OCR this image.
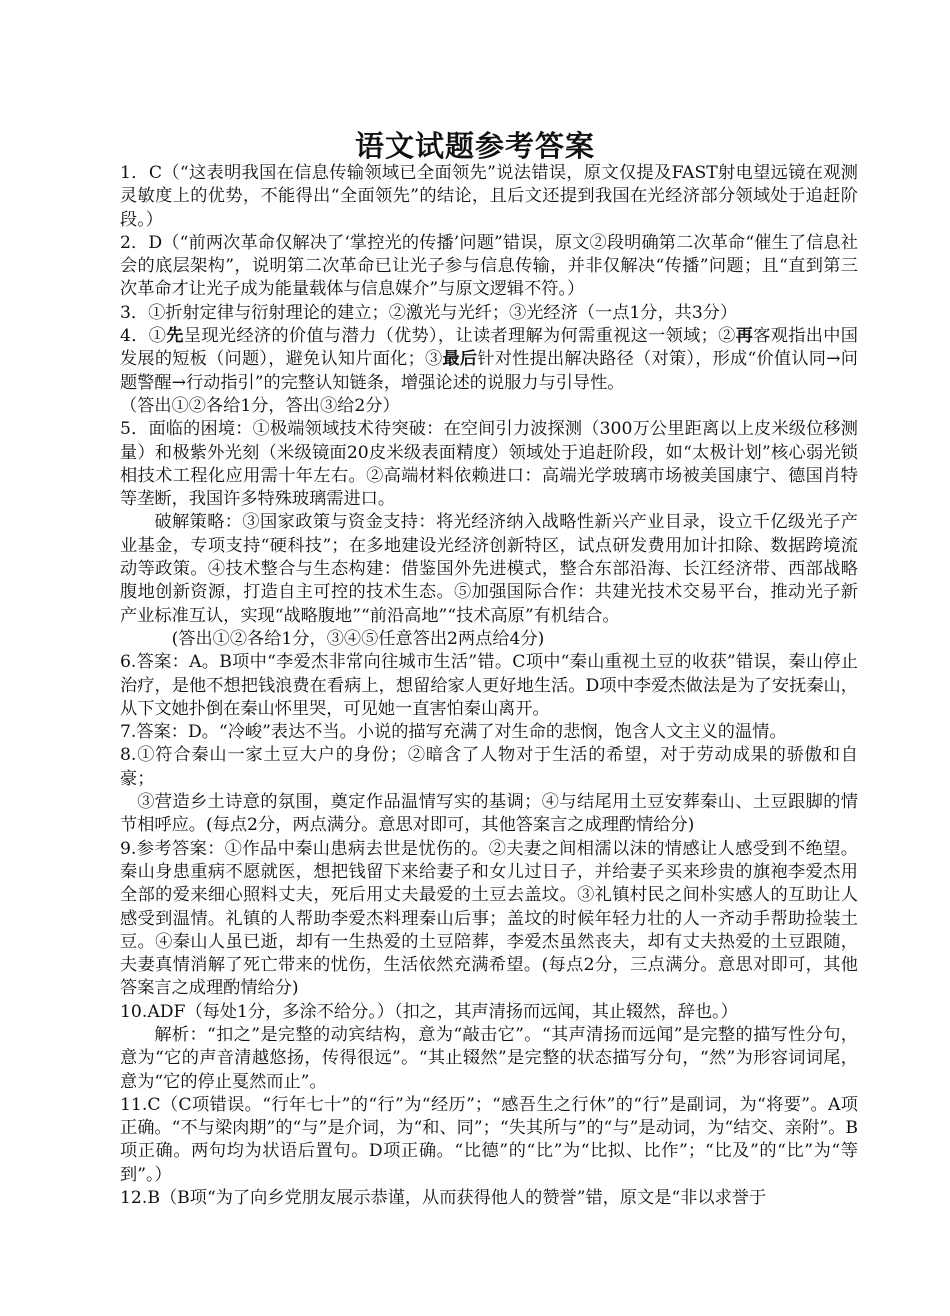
语文试题参考答案

1．C（“这表明我国在信息传输领域已全面领先”说法错误，原文仅提及FAST射电望远镜在观测灵敏度上的优势，不能得出“全面领先”的结论，且后文还提到我国在光经济部分领域处于追赶阶段。）

2．D（“前两次革命仅解决了‘掌控光的传播’问题”错误，原文②段明确第二次革命“催生了信息社会的底层架构”，说明第二次革命已让光子参与信息传输，并非仅解决“传播”问题；且“直到第三次革命才让光子成为能量载体与信息媒介”与原文逻辑不符。）

3．①折射定律与衍射理论的建立；②激光与光纤；③光经济（一点1分，共3分）

4．①先呈现光经济的价值与潜力（优势），让读者理解为何需重视这一领域；②再客观指出中国发展的短板（问题），避免认知片面化；③最后针对性提出解决路径（对策），形成“价值认同→问题警醒→行动指引”的完整认知链条，增强论述的说服力与引导性。

（答出①②各给1分，答出③给2分）

5．面临的困境：①极端领域技术待突破：在空间引力波探测（300万公里距离以上皮米级位移测量）和极紫外光刻（米级镜面20皮米级表面精度）领域处于追赶阶段，如“太极计划”核心弱光锁相技术工程化应用需十年左右。②高端材料依赖进口：高端光学玻璃市场被美国康宁、德国肖特等垄断，我国许多特殊玻璃需进口。

破解策略：③国家政策与资金支持：将光经济纳入战略性新兴产业目录，设立千亿级光子产业基金，专项支持“硬科技”；在多地建设光经济创新特区，试点研发费用加计扣除、数据跨境流动等政策。④技术整合与生态构建：借鉴国外先进模式，整合东部沿海、长江经济带、西部战略腹地创新资源，打造自主可控的技术生态。⑤加强国际合作：共建光技术交易平台，推动光子新产业标准互认，实现“战略腹地”“前沿高地”“技术高原”有机结合。

(答出①②各给1分，③④⑤任意答出2两点给4分)

6.答案：A。B项中“李爱杰非常向往城市生活”错。C项中“秦山重视土豆的收获”错误，秦山停止治疗，是他不想把钱浪费在看病上，想留给家人更好地生活。D项中李爱杰做法是为了安抚秦山，从下文她扑倒在秦山怀里哭，可见她一直害怕秦山离开。

7.答案：D。“冷峻”表达不当。小说的描写充满了对生命的悲悯，饱含人文主义的温情。

8.①符合秦山一家土豆大户的身份；②暗含了人物对于生活的希望，对于劳动成果的骄傲和自豪；

③营造乡土诗意的氛围，奠定作品温情写实的基调；④与结尾用土豆安葬秦山、土豆跟脚的情节相呼应。(每点2分，两点满分。意思对即可，其他答案言之成理酌情给分)

9.参考答案：①作品中秦山患病去世是忧伤的。②夫妻之间相濡以沫的情感让人感受到不绝望。秦山身患重病不愿就医，想把钱留下来给妻子和女儿过日子，并给妻子买来珍贵的旗袍李爱杰用全部的爱来细心照料丈夫，死后用丈夫最爱的土豆去盖坟。③礼镇村民之间朴实感人的互助让人感受到温情。礼镇的人帮助李爱杰料理秦山后事；盖坟的时候年轻力壮的人一齐动手帮助捡装土豆。④秦山人虽已逝，却有一生热爱的土豆陪葬，李爱杰虽然丧夫，却有丈夫热爱的土豆跟随，夫妻真情消解了死亡带来的忧伤，生活依然充满希望。(每点2分，三点满分。意思对即可，其他答案言之成理酌情给分)

10.ADF（每处1分，多涂不给分。）（扣之，其声清扬而远闻，其止辍然，辞也。）

解析：“扣之”是完整的动宾结构，意为“敲击它”。“其声清扬而远闻”是完整的描写性分句，意为“它的声音清越悠扬，传得很远”。“其止辍然”是完整的状态描写分句，“然”为形容词词尾，意为“它的停止戛然而止”。

11.C（C项错误。“行年七十”的“行”为“经历”；“感吾生之行休”的“行”是副词，为“将要”。A项正确。“不与梁肉期”的“与”是介词，为“和、同”；“失其所与”的“与”是动词，为“结交、亲附”。B项正确。两句均为状语后置句。D项正确。“比德”的“比”为“比拟、比作”；“比及”的“比”为“等到”。）

12.B（B项“为了向乡党朋友展示恭谨，从而获得他人的赞誉”错，原文是“非以求誉于
